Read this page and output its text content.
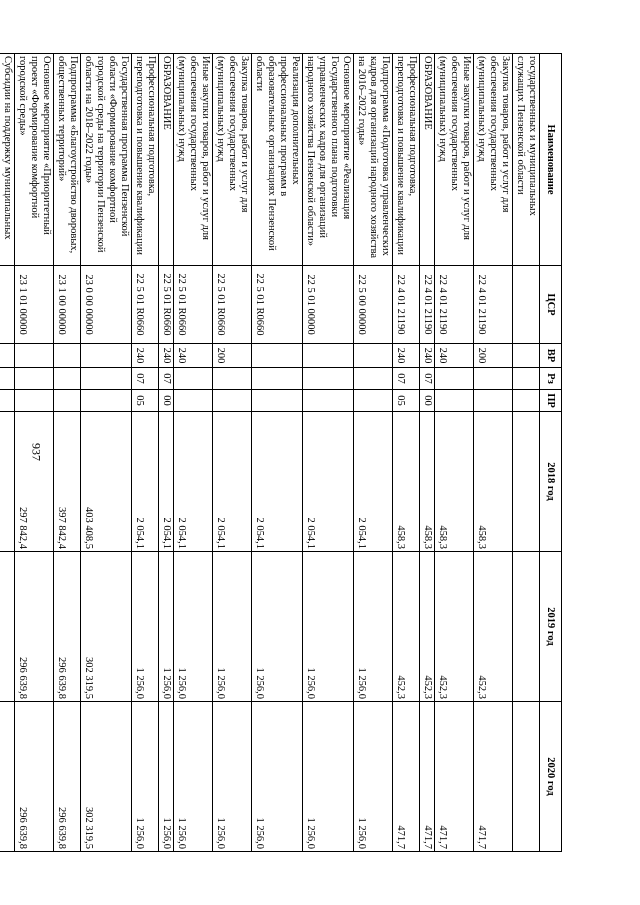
937
Наименование	ЦСР	ВР	Рз	ПР	2018 год	2019 год	2020 год
государственных и муниципальных служащих Пензенской области							
Закупка товаров, работ и услуг для обеспечения государственных (муниципальных) нужд	22 4 01 21190	200			458,3	452,3	471,7
Иные закупки товаров, работ и услуг для обеспечения государственных (муниципальных) нужд	22 4 01 21190	240			458,3	452,3	471,7
ОБРАЗОВАНИЕ	22 4 01 21190	240	07	00	458,3	452,3	471,7
Профессиональная подготовка, переподготовка и повышение квалификации	22 4 01 21190	240	07	05	458,3	452,3	471,7
Подпрограмма «Подготовка управленческих кадров для организаций народного хозяйства на 2016–2022 годы»	22 5 00 00000				2 054,1	1 256,0	1 256,0
Основное мероприятие «Реализация Государственного плана подготовки управленческих кадров для организаций народного хозяйства Пензенской области»	22 5 01 00000				2 054,1	1 256,0	1 256,0
Реализация дополнительных профессиональных программ в образовательных организациях Пензенской области	22 5 01 R0660				2 054,1	1 256,0	1 256,0
Закупка товаров, работ и услуг для обеспечения государственных (муниципальных) нужд	22 5 01 R0660	200			2 054,1	1 256,0	1 256,0
Иные закупки товаров, работ и услуг для обеспечения государственных (муниципальных) нужд	22 5 01 R0660	240			2 054,1	1 256,0	1 256,0
ОБРАЗОВАНИЕ	22 5 01 R0660	240	07	00	2 054,1	1 256,0	1 256,0
Профессиональная подготовка, переподготовка и повышение квалификации	22 5 01 R0660	240	07	05	2 054,1	1 256,0	1 256,0
Государственная программа Пензенской области «Формирование комфортной городской среды на территории Пензенской области на 2018–2022 годы»	23 0 00 00000				403 408,5	302 319,5	302 319,5
Подпрограмма «Благоустройство дворовых, общественных территорий»	23 1 00 00000				397 842,4	296 639,8	296 639,8
Основное мероприятие «Приоритетный проект «Формирование комфортной городской среды»	23 1 01 00000				297 842,4	296 639,8	296 639,8
Субсидии на поддержку муниципальных							
